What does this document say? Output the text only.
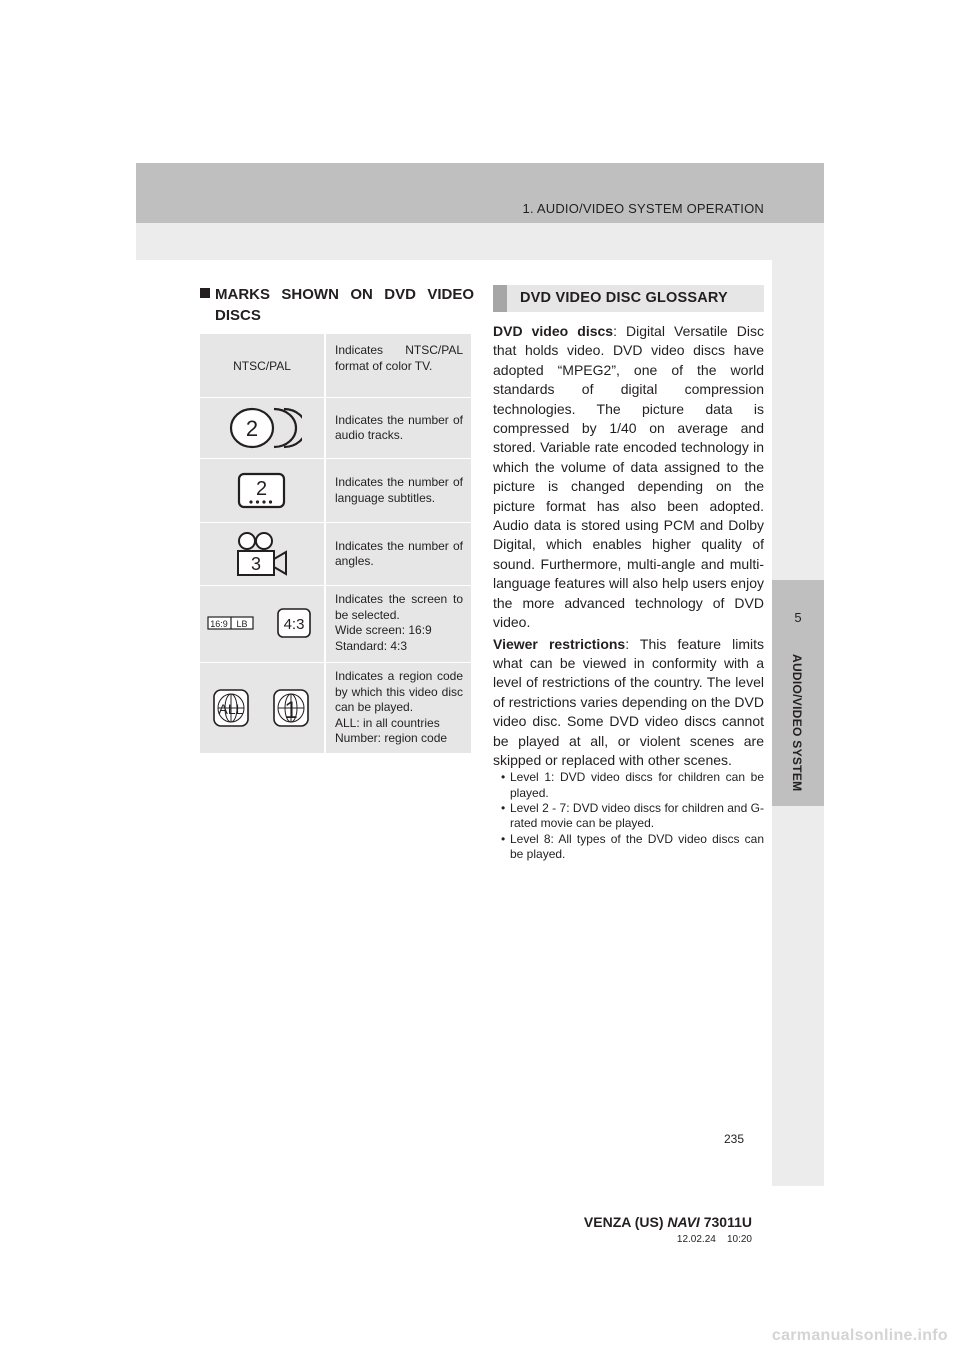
1. AUDIO/VIDEO SYSTEM OPERATION
5
AUDIO/VIDEO SYSTEM
MARKS SHOWN ON DVD VIDEO
DISCS
NTSC/PAL
Indicates NTSC/PAL format of color TV.
2	Indicates the number of audio tracks.
2	Indicates the number of language subtitles.
3
Indicates the number of angles.
16:9 LB 4:3
Indicates the screen to be selected.
Wide screen: 16:9
Standard: 4:3
ALL 1
Indicates a region code by which this video disc can be played.
ALL: in all countries
Number: region code
DVD VIDEO DISC GLOSSARY

DVD video discs: Digital Versatile Disc that holds video. DVD video discs have adopted “MPEG2”, one of the world standards of digital compression technologies. The picture data is compressed by 1/40 on average and stored. Variable rate encoded technology in which the volume of data assigned to the picture is changed depending on the picture format has also been adopted. Audio data is stored using PCM and Dolby Digital, which enables higher quality of sound. Furthermore, multi-angle and multi-language features will also help users enjoy the more advanced technology of DVD video.

Viewer restrictions: This feature limits what can be viewed in conformity with a level of restrictions of the country. The level of restrictions varies depending on the DVD video disc. Some DVD video discs cannot be played at all, or violent scenes are skipped or replaced with other scenes.

• Level 1: DVD video discs for children can be played.
• Level 2 - 7: DVD video discs for children and G-rated movie can be played.
• Level 8: All types of the DVD video discs can be played.
235
VENZA (US) NAVI 73011U
12.02.24 10:20
carmanualsonline.info
